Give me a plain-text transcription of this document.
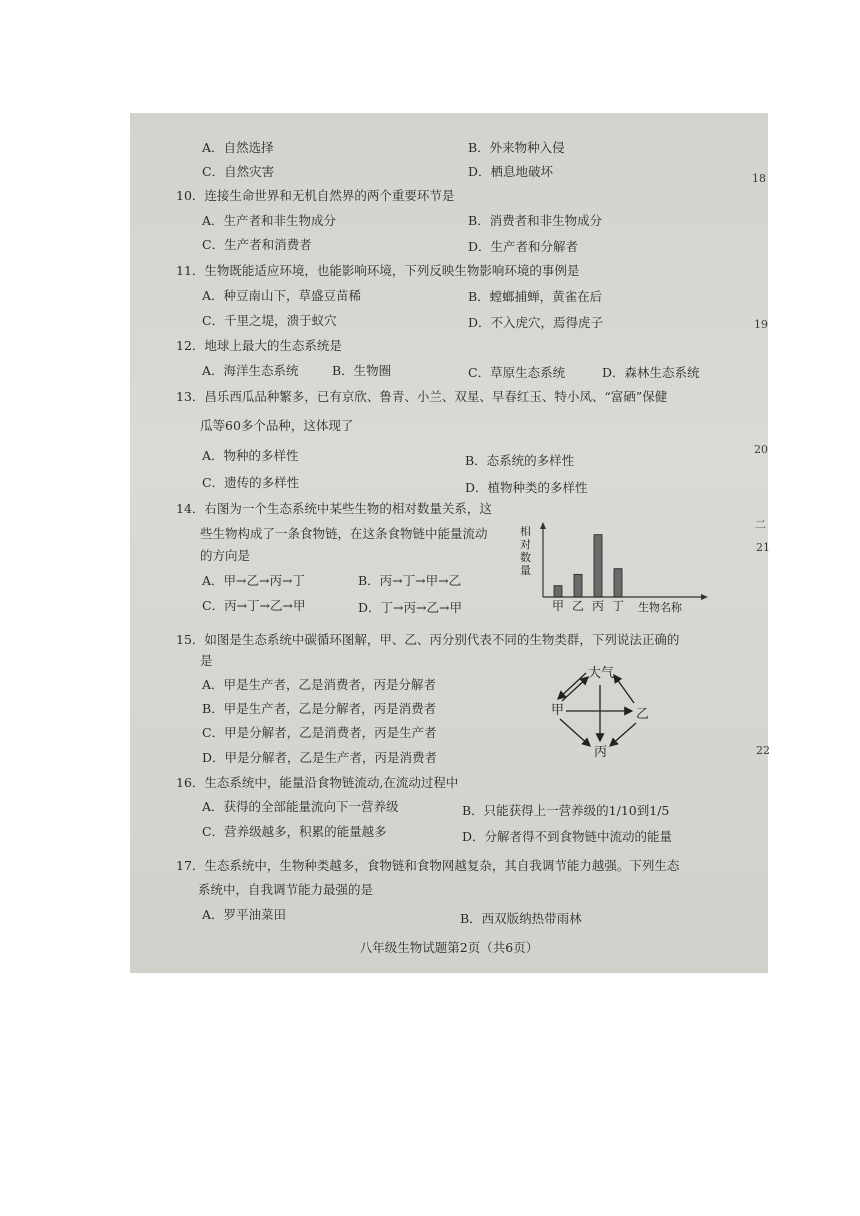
A．自然选择	B．外来物种入侵
C．自然灾害	D．栖息地破坏
10．连接生命世界和无机自然界的两个重要环节是
A．生产者和非生物成分	B．消费者和非生物成分
C．生产者和消费者	D．生产者和分解者
11．生物既能适应环境，也能影响环境，下列反映生物影响环境的事例是
A．种豆南山下，草盛豆苗稀	B．螳螂捕蝉，黄雀在后
C．千里之堤，溃于蚁穴	D．不入虎穴，焉得虎子
12．地球上最大的生态系统是
A．海洋生态系统	B．生物圈	C．草原生态系统	D．森林生态系统
13．昌乐西瓜品种繁多，已有京欣、鲁青、小兰、双星、早春红玉、特小凤、“富硒”保健
瓜等60多个品种，这体现了
A．物种的多样性	B．态系统的多样性
C．遗传的多样性	D．植物种类的多样性
14．右图为一个生态系统中某些生物的相对数量关系，这
些生物构成了一条食物链，在这条食物链中能量流动
的方向是
A．甲→乙→丙→丁	B．丙→丁→甲→乙
C．丙→丁→乙→甲	D．丁→丙→乙→甲
相
对
数
量
甲 乙 丙 丁 生物名称
15．如图是生态系统中碳循环图解，甲、乙、丙分别代表不同的生物类群，下列说法正确的
是
A．甲是生产者，乙是消费者，丙是分解者
B．甲是生产者，乙是分解者，丙是消费者
C．甲是分解者，乙是消费者，丙是生产者
D．甲是分解者，乙是生产者，丙是消费者
大气
甲	乙
丙
16．生态系统中，能量沿食物链流动,在流动过程中
A．获得的全部能量流向下一营养级	B．只能获得上一营养级的1/10到1/5
C．营养级越多，积累的能量越多	D．分解者得不到食物链中流动的能量
17．生态系统中，生物种类越多，食物链和食物网越复杂，其自我调节能力越强。下列生态
系统中，自我调节能力最强的是
A．罗平油菜田	B．西双版纳热带雨林
八年级生物试题第2页（共6页）
18
19
20
二
21
22
